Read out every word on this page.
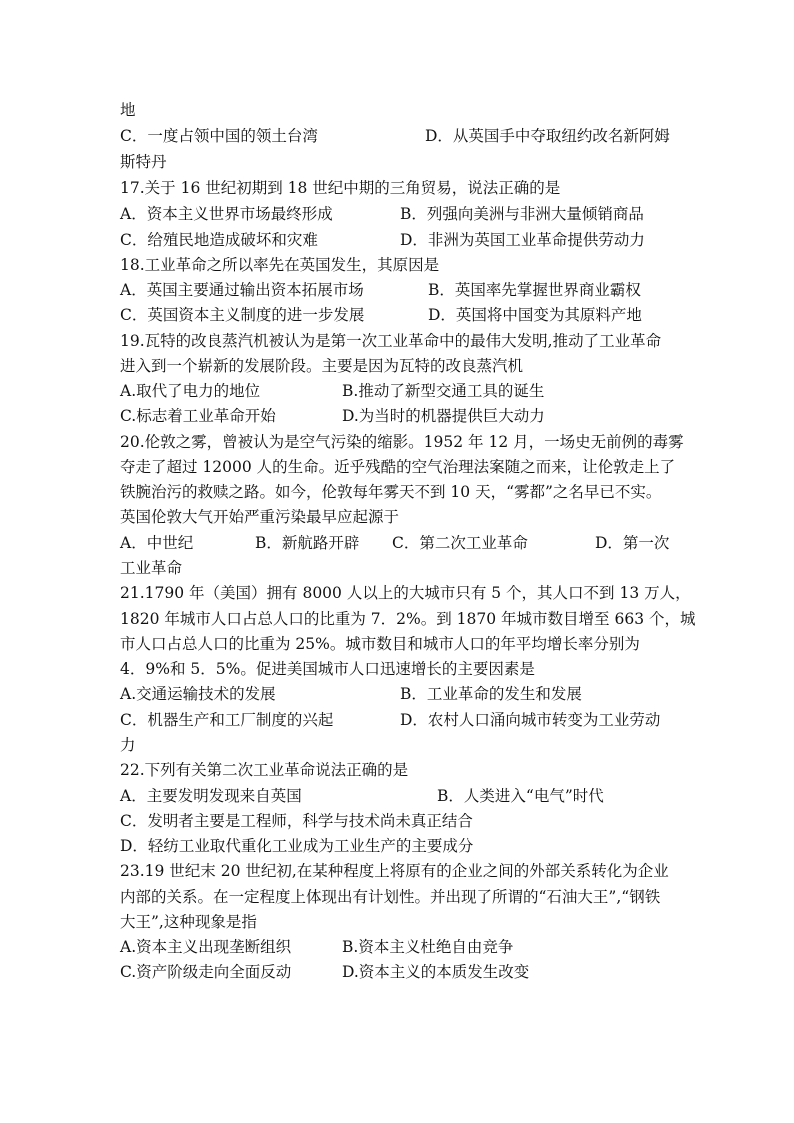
地
C．一度占领中国的领土台湾	D．从英国手中夺取纽约改名新阿姆
斯特丹
17.关于 16 世纪初期到 18 世纪中期的三角贸易，说法正确的是
A．资本主义世界市场最终形成	B．列强向美洲与非洲大量倾销商品
C．给殖民地造成破坏和灾难	D．非洲为英国工业革命提供劳动力
18.工业革命之所以率先在英国发生，其原因是
A．英国主要通过输出资本拓展市场	B．英国率先掌握世界商业霸权
C．英国资本主义制度的进一步发展	D．英国将中国变为其原料产地
19.瓦特的改良蒸汽机被认为是第一次工业革命中的最伟大发明,推动了工业革命
进入到一个崭新的发展阶段。主要是因为瓦特的改良蒸汽机
A.取代了电力的地位	B.推动了新型交通工具的诞生
C.标志着工业革命开始	D.为当时的机器提供巨大动力
20.伦敦之雾，曾被认为是空气污染的缩影。1952 年 12 月，一场史无前例的毒雾
夺走了超过 12000 人的生命。近乎残酷的空气治理法案随之而来，让伦敦走上了
铁腕治污的救赎之路。如今，伦敦每年雾天不到 10 天，“雾都”之名早已不实。
英国伦敦大气开始严重污染最早应起源于
A．中世纪	B．新航路开辟 C．第二次工业革命	D．第一次
工业革命
21.1790 年（美国）拥有 8000 人以上的大城市只有 5 个，其人口不到 13 万人，
1820 年城市人口占总人口的比重为 7．2%。到 1870 年城市数目增至 663 个，城
市人口占总人口的比重为 25%。城市数目和城市人口的年平均增长率分别为
4．9%和 5．5%。促进美国城市人口迅速增长的主要因素是
A.交通运输技术的发展	B．工业革命的发生和发展
C．机器生产和工厂制度的兴起	D．农村人口涌向城市转变为工业劳动
力
22.下列有关第二次工业革命说法正确的是
A．主要发明发现来自英国	B．人类进入“电气”时代
C．发明者主要是工程师，科学与技术尚未真正结合
D．轻纺工业取代重化工业成为工业生产的主要成分
23.19 世纪末 20 世纪初,在某种程度上将原有的企业之间的外部关系转化为企业
内部的关系。在一定程度上体现出有计划性。并出现了所谓的“石油大王”,“钢铁
大王”,这种现象是指
A.资本主义出现垄断组织	B.资本主义杜绝自由竞争
C.资产阶级走向全面反动	D.资本主义的本质发生改变
